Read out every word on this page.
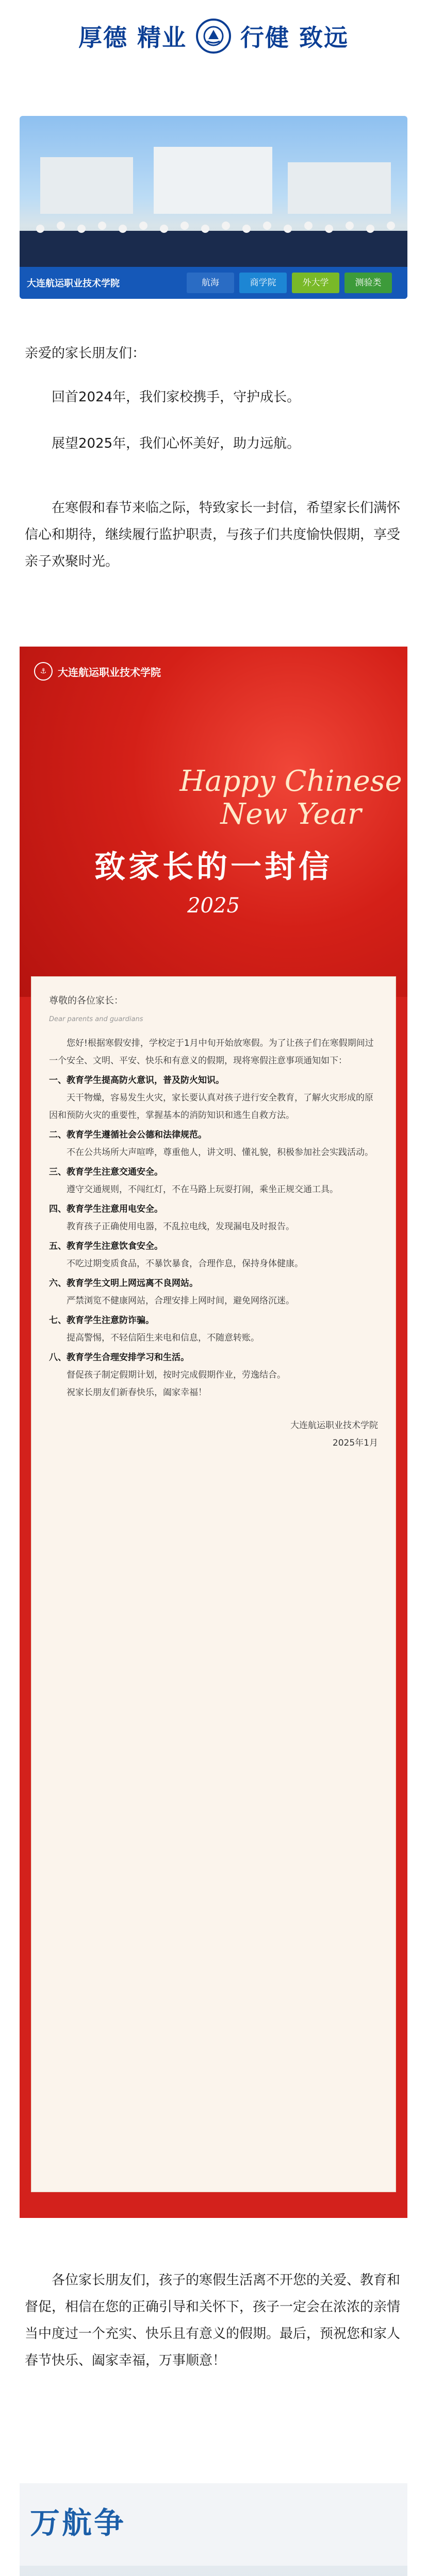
厚德 精业 行健 致远
大连航运职业技术学院	航海	商学院	外大学	测验类
亲爱的家长朋友们：

回首2024年，我们家校携手，守护成长。

展望2025年，我们心怀美好，助力远航。

在寒假和春节来临之际，特致家长一封信，希望家长们满怀信心和期待，继续履行监护职责，与孩子们共度愉快假期，享受亲子欢聚时光。

⚓	大连航运职业技术学院
Happy Chinese New Year
致家长的一封信
2025
尊敬的各位家长：
Dear parents and guardians

您好!根据寒假安排，学校定于1月中旬开始放寒假。为了让孩子们在寒假期间过一个安全、文明、平安、快乐和有意义的假期，现将寒假注意事项通知如下：

一、教育学生提高防火意识，普及防火知识。

天干物燥，容易发生火灾，家长要认真对孩子进行安全教育，了解火灾形成的原因和预防火灾的重要性，掌握基本的消防知识和逃生自救方法。

二、教育学生遵循社会公德和法律规范。

不在公共场所大声喧哗，尊重他人，讲文明、懂礼貌，积极参加社会实践活动。

三、教育学生注意交通安全。

遵守交通规则，不闯红灯，不在马路上玩耍打闹，乘坐正规交通工具。

四、教育学生注意用电安全。

教育孩子正确使用电器，不乱拉电线，发现漏电及时报告。

五、教育学生注意饮食安全。

不吃过期变质食品，不暴饮暴食，合理作息，保持身体健康。

六、教育学生文明上网远离不良网站。

严禁浏览不健康网站，合理安排上网时间，避免网络沉迷。

七、教育学生注意防诈骗。

提高警惕，不轻信陌生来电和信息，不随意转账。

八、教育学生合理安排学习和生活。

督促孩子制定假期计划，按时完成假期作业，劳逸结合。

祝家长朋友们新春快乐，阖家幸福！

大连航运职业技术学院

2025年1月

各位家长朋友们，孩子的寒假生活离不开您的关爱、教育和督促，相信在您的正确引导和关怀下，孩子一定会在浓浓的亲情当中度过一个充实、快乐且有意义的假期。最后，预祝您和家人春节快乐、阖家幸福，万事顺意！
万航争
